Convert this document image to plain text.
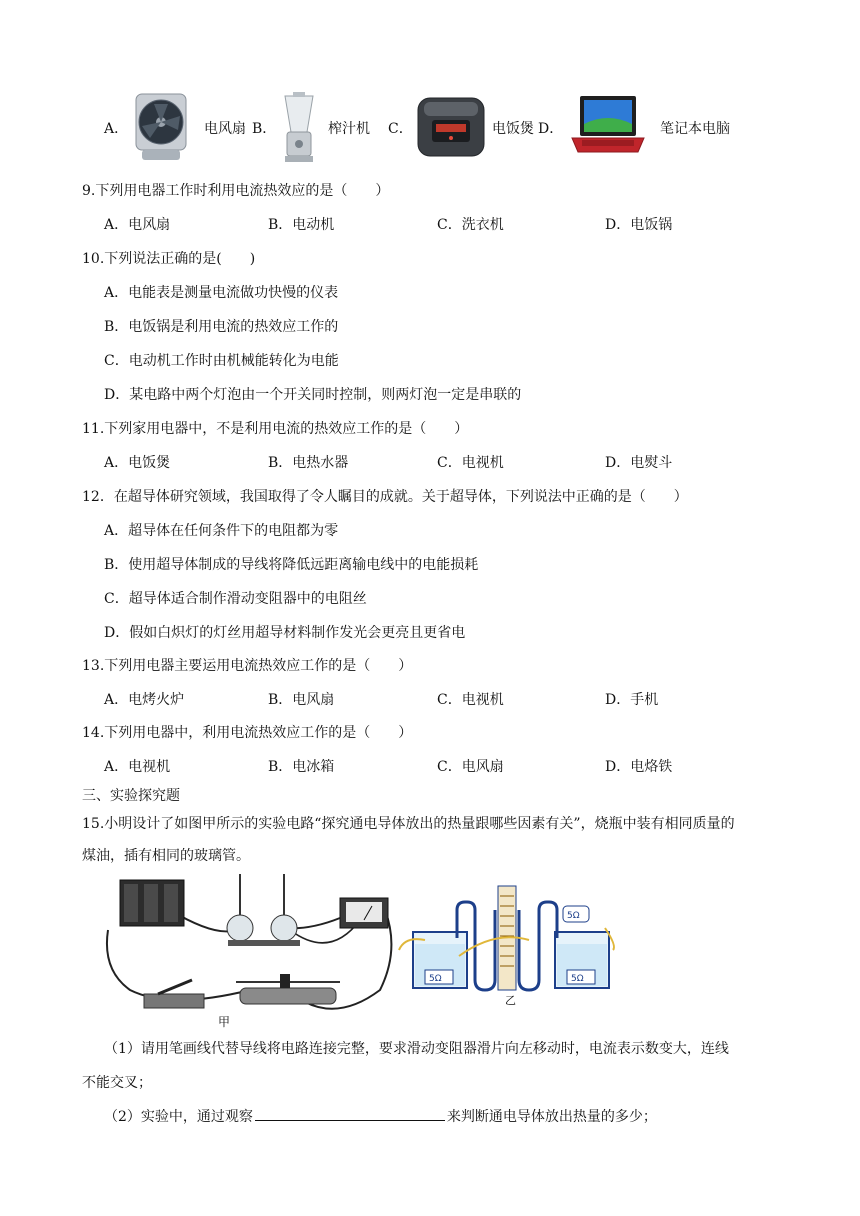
A．	电风扇 B．	榨汁机 C．	电饭煲 D．	笔记本电脑
9.下列用电器工作时利用电流热效应的是（　　）
A．电风扇	B．电动机	C．洗衣机	D．电饭锅
10.下列说法正确的是(　　)
A．电能表是测量电流做功快慢的仪表
B．电饭锅是利用电流的热效应工作的
C．电动机工作时由机械能转化为电能
D．某电路中两个灯泡由一个开关同时控制，则两灯泡一定是串联的
11.下列家用电器中，不是利用电流的热效应工作的是（　　）
A．电饭煲	B．电热水器	C．电视机	D．电熨斗
12．在超导体研究领域，我国取得了令人瞩目的成就。关于超导体，下列说法中正确的是（　　）
A．超导体在任何条件下的电阻都为零
B．使用超导体制成的导线将降低远距离输电线中的电能损耗
C．超导体适合制作滑动变阻器中的电阻丝
D．假如白炽灯的灯丝用超导材料制作发光会更亮且更省电
13.下列用电器主要运用电流热效应工作的是（　　）
A．电烤火炉	B．电风扇	C．电视机	D．手机
14.下列用电器中，利用电流热效应工作的是（　　）
A．电视机	B．电冰箱	C．电风扇	D．电烙铁
三、实验探究题
15.小明设计了如图甲所示的实验电路“探究通电导体放出的热量跟哪些因素有关”，烧瓶中装有相同质量的
煤油，插有相同的玻璃管。
甲
5Ω
5Ω	5Ω
乙
（1）请用笔画线代替导线将电路连接完整，要求滑动变阻器滑片向左移动时，电流表示数变大，连线
不能交叉；
（2）实验中，通过观察	来判断通电导体放出热量的多少；
